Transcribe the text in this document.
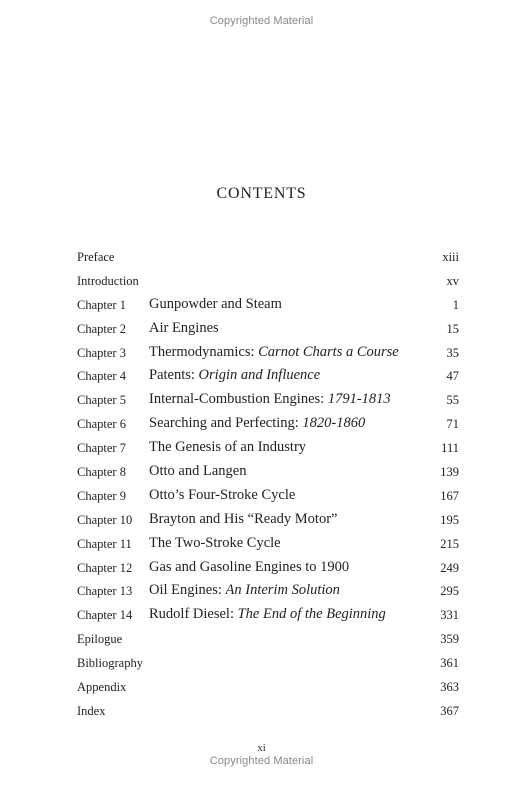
Copyrighted Material
CONTENTS
Preface	xiii
Introduction	xv
Chapter 1 Gunpowder and Steam	1
Chapter 2 Air Engines	15
Chapter 3 Thermodynamics: Carnot Charts a Course	35
Chapter 4 Patents: Origin and Influence	47
Chapter 5 Internal-Combustion Engines: 1791-1813	55
Chapter 6 Searching and Perfecting: 1820-1860	71
Chapter 7 The Genesis of an Industry	111
Chapter 8 Otto and Langen	139
Chapter 9 Otto’s Four-Stroke Cycle	167
Chapter 10 Brayton and His “Ready Motor”	195
Chapter 11 The Two-Stroke Cycle	215
Chapter 12 Gas and Gasoline Engines to 1900	249
Chapter 13 Oil Engines: An Interim Solution	295
Chapter 14 Rudolf Diesel: The End of the Beginning	331
Epilogue	359
Bibliography	361
Appendix	363
Index	367
xi
Copyrighted Material
